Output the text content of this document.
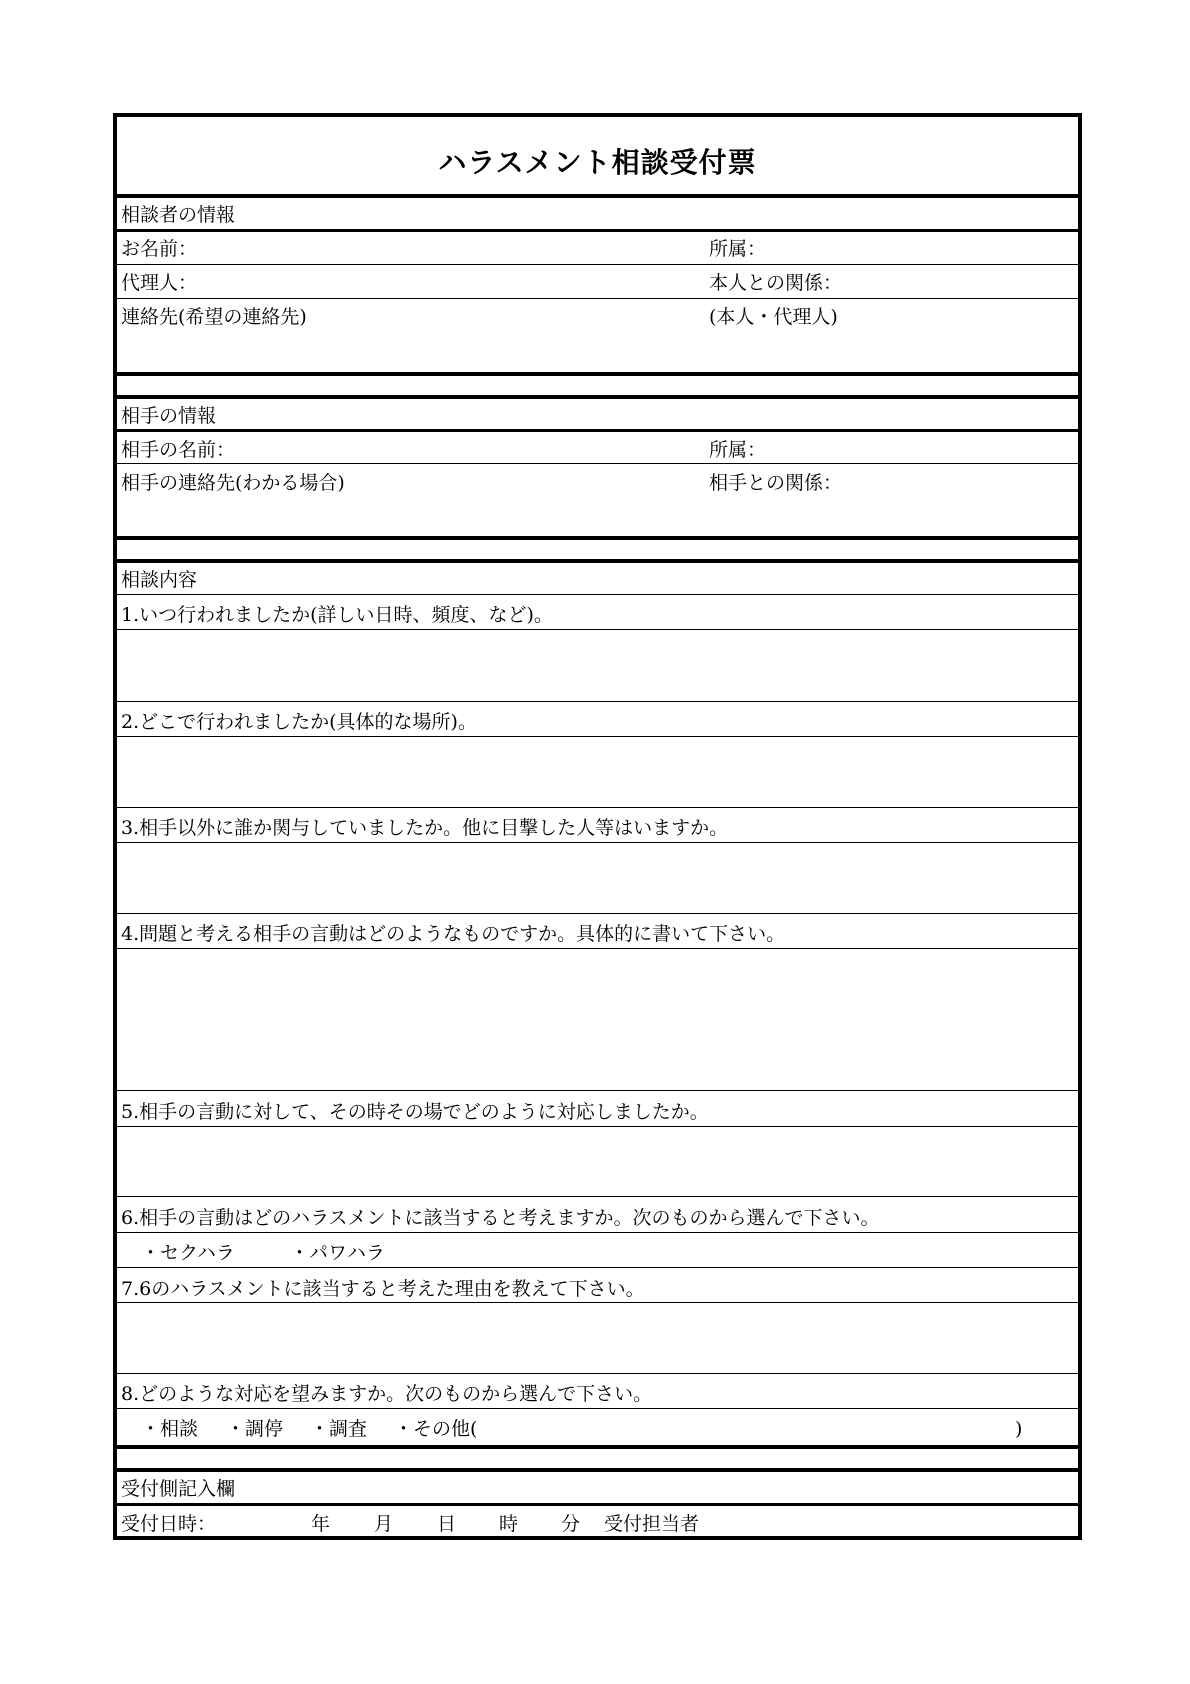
ハラスメント相談受付票
相談者の情報
お名前：	所属：
代理人：	本人との関係：
連絡先(希望の連絡先)	(本人・代理人)
相手の情報
相手の名前：	所属：
相手の連絡先(わかる場合)	相手との関係：
相談内容
1.いつ行われましたか(詳しい日時、頻度、など)。
2.どこで行われましたか(具体的な場所)。
3.相手以外に誰か関与していましたか。他に目撃した人等はいますか。
4.問題と考える相手の言動はどのようなものですか。具体的に書いて下さい。
5.相手の言動に対して、その時その場でどのように対応しましたか。
6.相手の言動はどのハラスメントに該当すると考えますか。次のものから選んで下さい。
・セクハラ	・パワハラ
7.6のハラスメントに該当すると考えた理由を教えて下さい。
8.どのような対応を望みますか。次のものから選んで下さい。
・相談 ・調停 ・調査 ・その他(	)
受付側記入欄
受付日時：	年 月 日 時 分 受付担当者
